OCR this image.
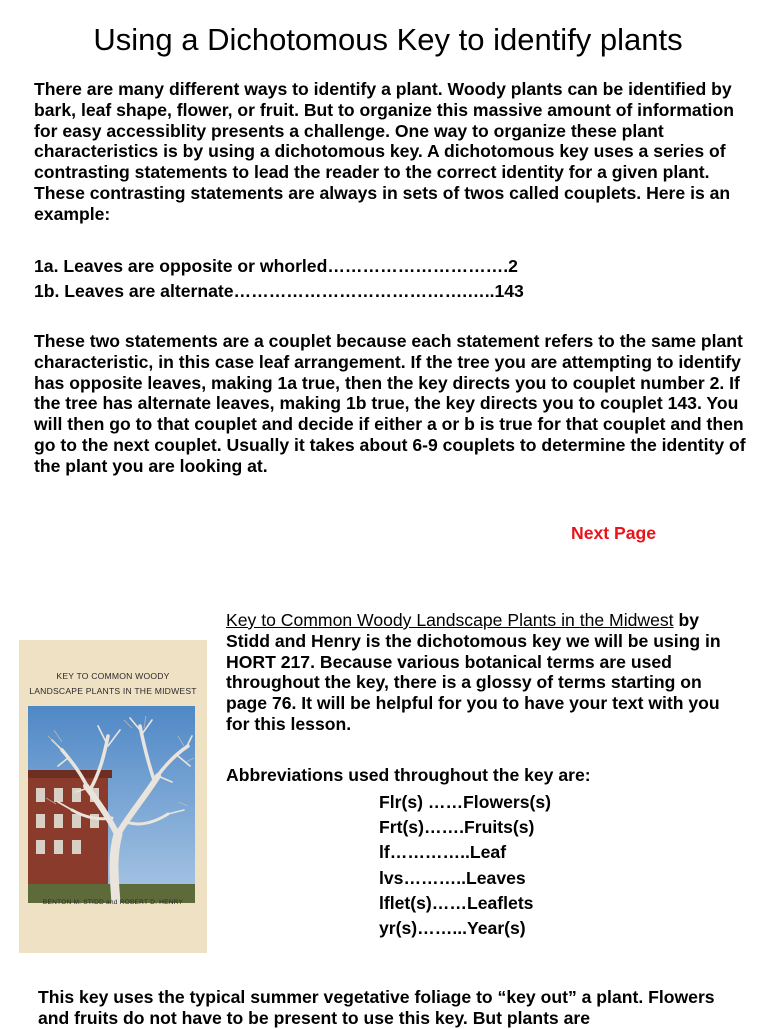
Using a Dichotomous Key to identify plants

There are many different ways to identify a plant. Woody plants can be identified by bark, leaf shape, flower, or fruit. But to organize this massive amount of information for easy accessiblity presents a challenge. One way to organize these plant characteristics is by using a dichotomous key. A dichotomous key uses a series of contrasting statements to lead the reader to the correct identity for a given plant. These contrasting statements are always in sets of twos called couplets. Here is an example:

1a. Leaves are opposite or whorled………………………….2
1b. Leaves are alternate………………………………….…..143

These two statements are a couplet because each statement refers to the same plant characteristic, in this case leaf arrangement. If the tree you are attempting to identify has opposite leaves, making 1a true, then the key directs you to couplet number 2. If the tree has alternate leaves, making 1b true, the key directs you to couplet 143. You will then go to that couplet and decide if either a or b is true for that couplet and then go to the next couplet. Usually it takes about 6-9 couplets to determine the identity of the plant you are looking at.

Next Page
KEY TO COMMON WOODY
LANDSCAPE PLANTS IN THE MIDWEST
BENTON M. STIDD and ROBERT D. HENRY

Key to Common Woody Landscape Plants in the Midwest by Stidd and Henry is the dichotomous key we will be using in HORT 217. Because various botanical terms are used throughout the key, there is a glossy of terms starting on page 76. It will be helpful for you to have your text with you for this lesson.

Abbreviations used throughout the key are:
Flr(s) ……Flowers(s)
Frt(s)…….Fruits(s)
lf…………..Leaf
lvs………..Leaves
lflet(s)……Leaflets
yr(s)……...Year(s)

This key uses the typical summer vegetative foliage to “key out” a plant. Flowers and fruits do not have to be present to use this key. But plants are
